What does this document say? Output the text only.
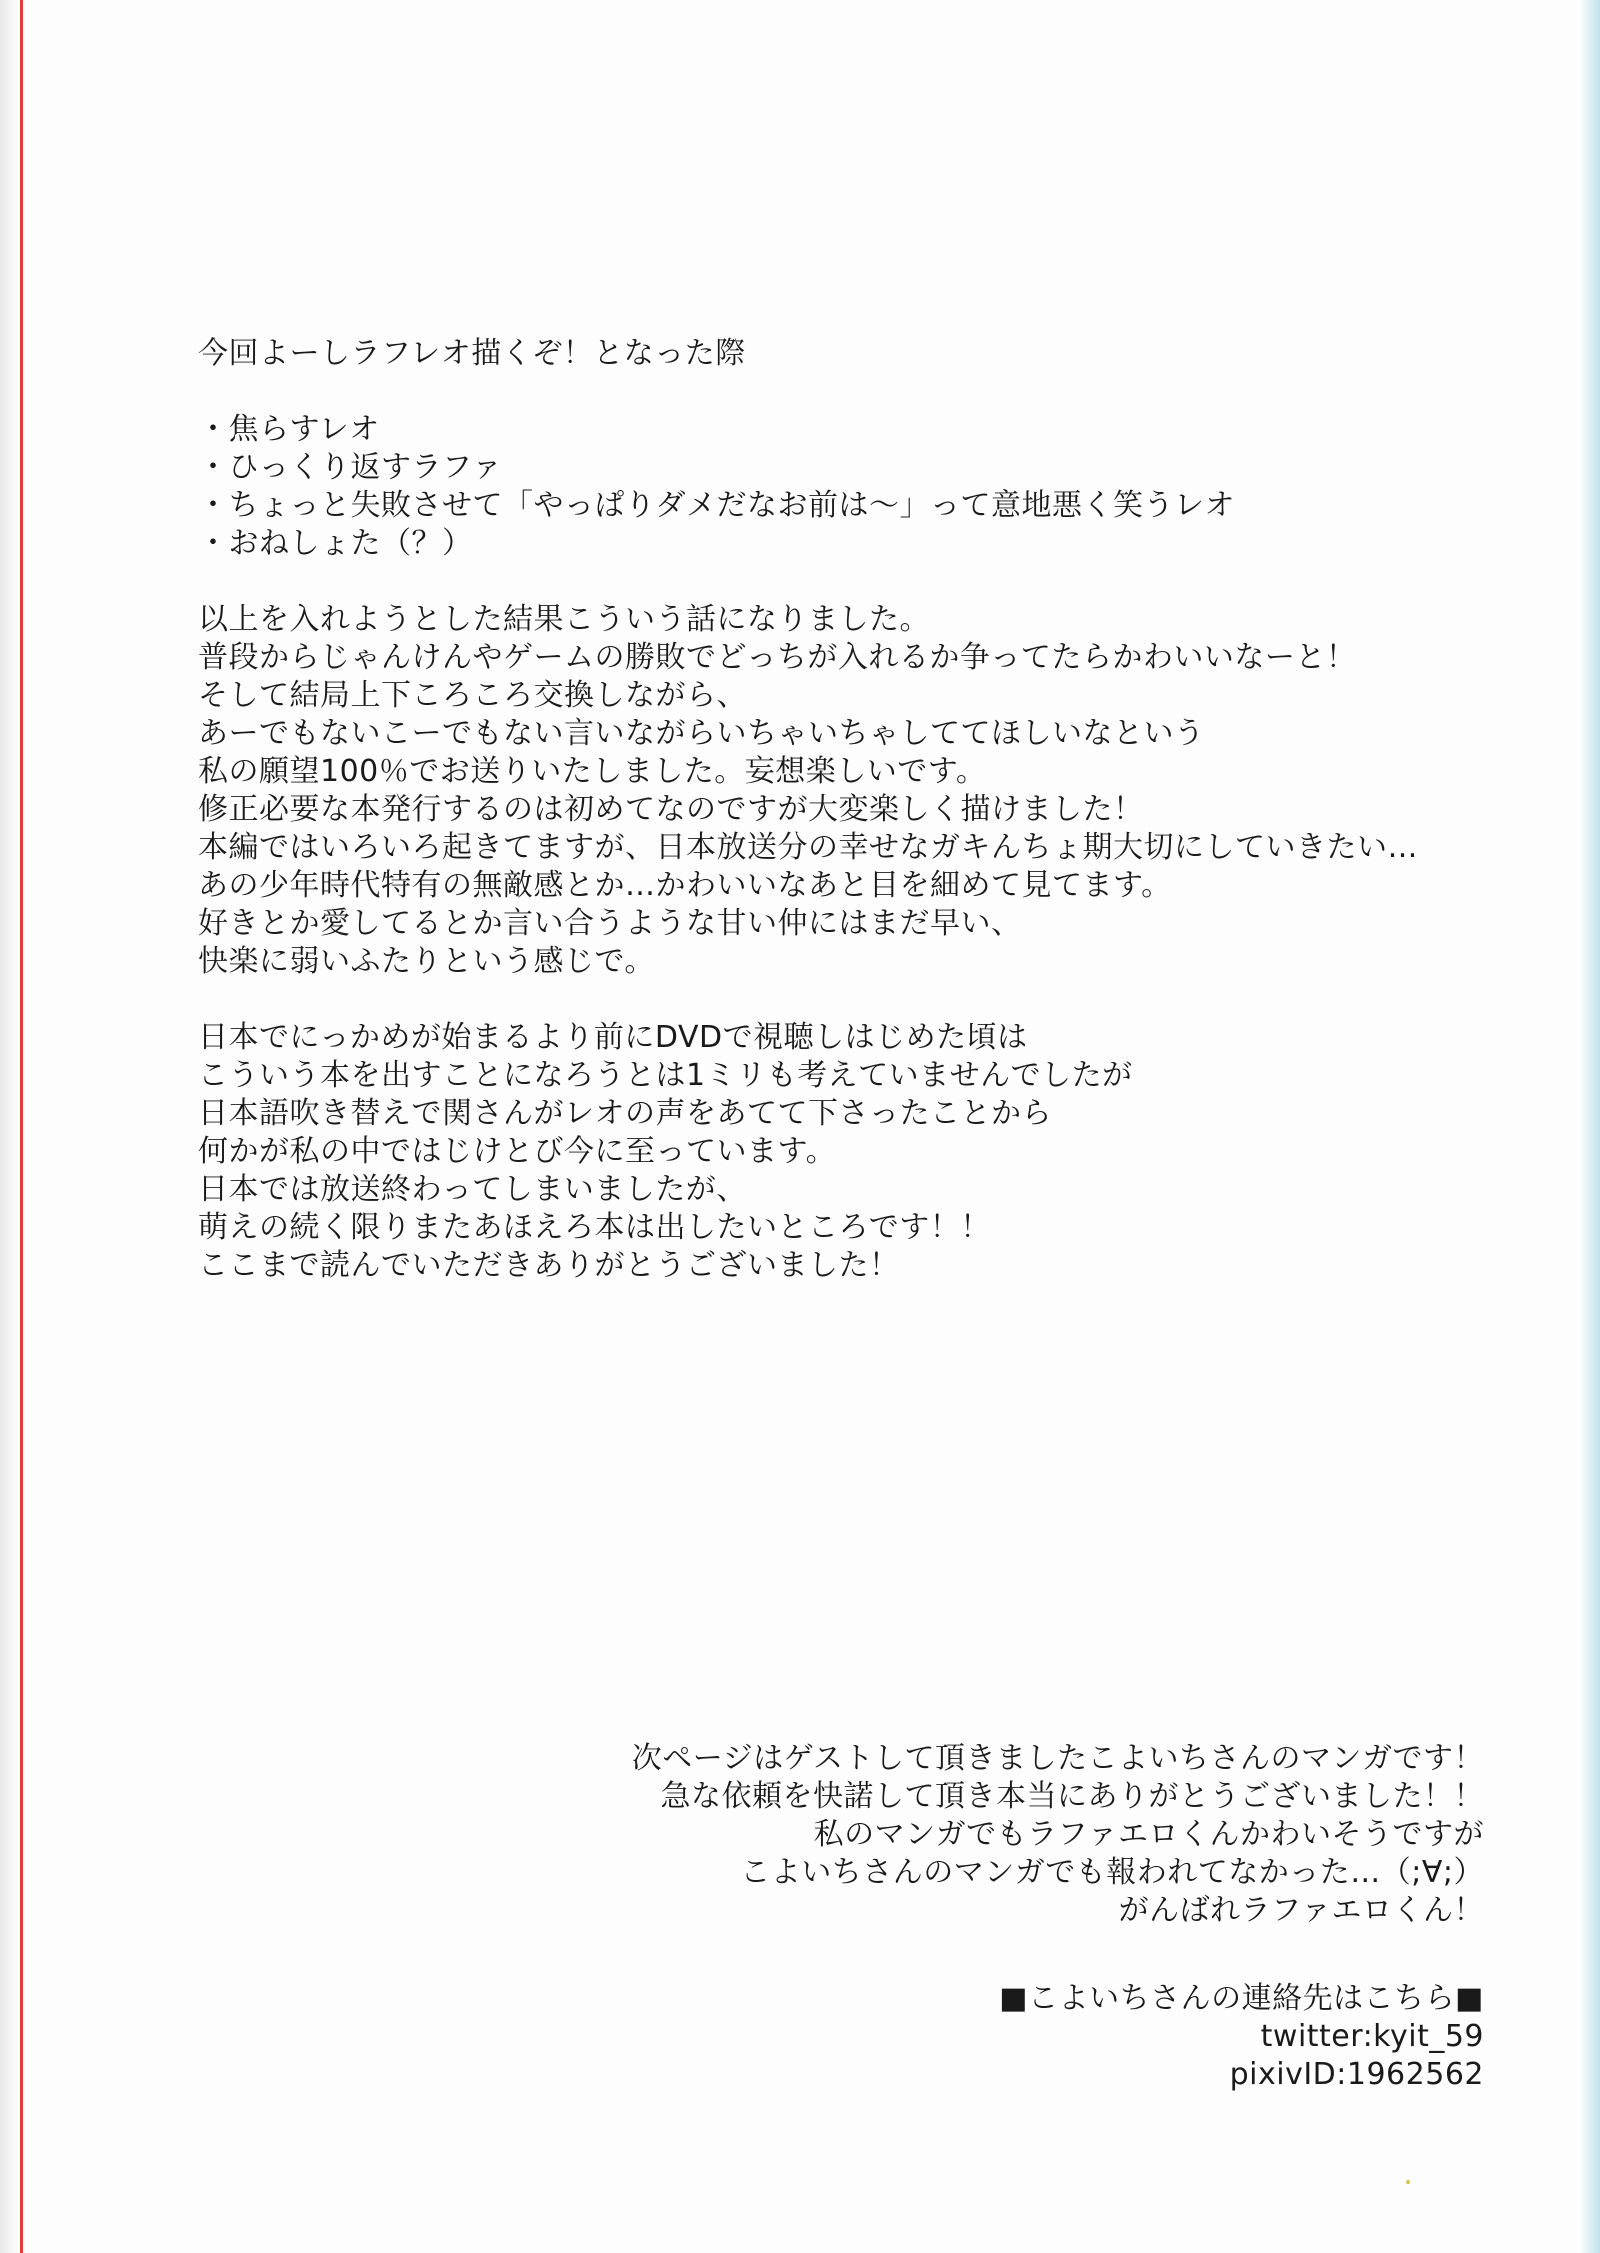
今回よーしラフレオ描くぞ！となった際
・焦らすレオ
・ひっくり返すラファ
・ちょっと失敗させて「やっぱりダメだなお前は～」って意地悪く笑うレオ
・おねしょた（？）
以上を入れようとした結果こういう話になりました。
普段からじゃんけんやゲームの勝敗でどっちが入れるか争ってたらかわいいなーと！
そして結局上下ころころ交換しながら、
あーでもないこーでもない言いながらいちゃいちゃしててほしいなという
私の願望100％でお送りいたしました。妄想楽しいです。
修正必要な本発行するのは初めてなのですが大変楽しく描けました！
本編ではいろいろ起きてますが、日本放送分の幸せなガキんちょ期大切にしていきたい…
あの少年時代特有の無敵感とか…かわいいなあと目を細めて見てます。
好きとか愛してるとか言い合うような甘い仲にはまだ早い、
快楽に弱いふたりという感じで。
日本でにっかめが始まるより前にDVDで視聴しはじめた頃は
こういう本を出すことになろうとは1ミリも考えていませんでしたが
日本語吹き替えで関さんがレオの声をあてて下さったことから
何かが私の中ではじけとび今に至っています。
日本では放送終わってしまいましたが、
萌えの続く限りまたあほえろ本は出したいところです！！
ここまで読んでいただきありがとうございました！
次ページはゲストして頂きましたこよいちさんのマンガです！
急な依頼を快諾して頂き本当にありがとうございました！！
私のマンガでもラファエロくんかわいそうですが
こよいちさんのマンガでも報われてなかった…（;∀;）
がんばれラファエロくん！
■こよいちさんの連絡先はこちら■
twitter:kyit_59
pixivID:1962562
